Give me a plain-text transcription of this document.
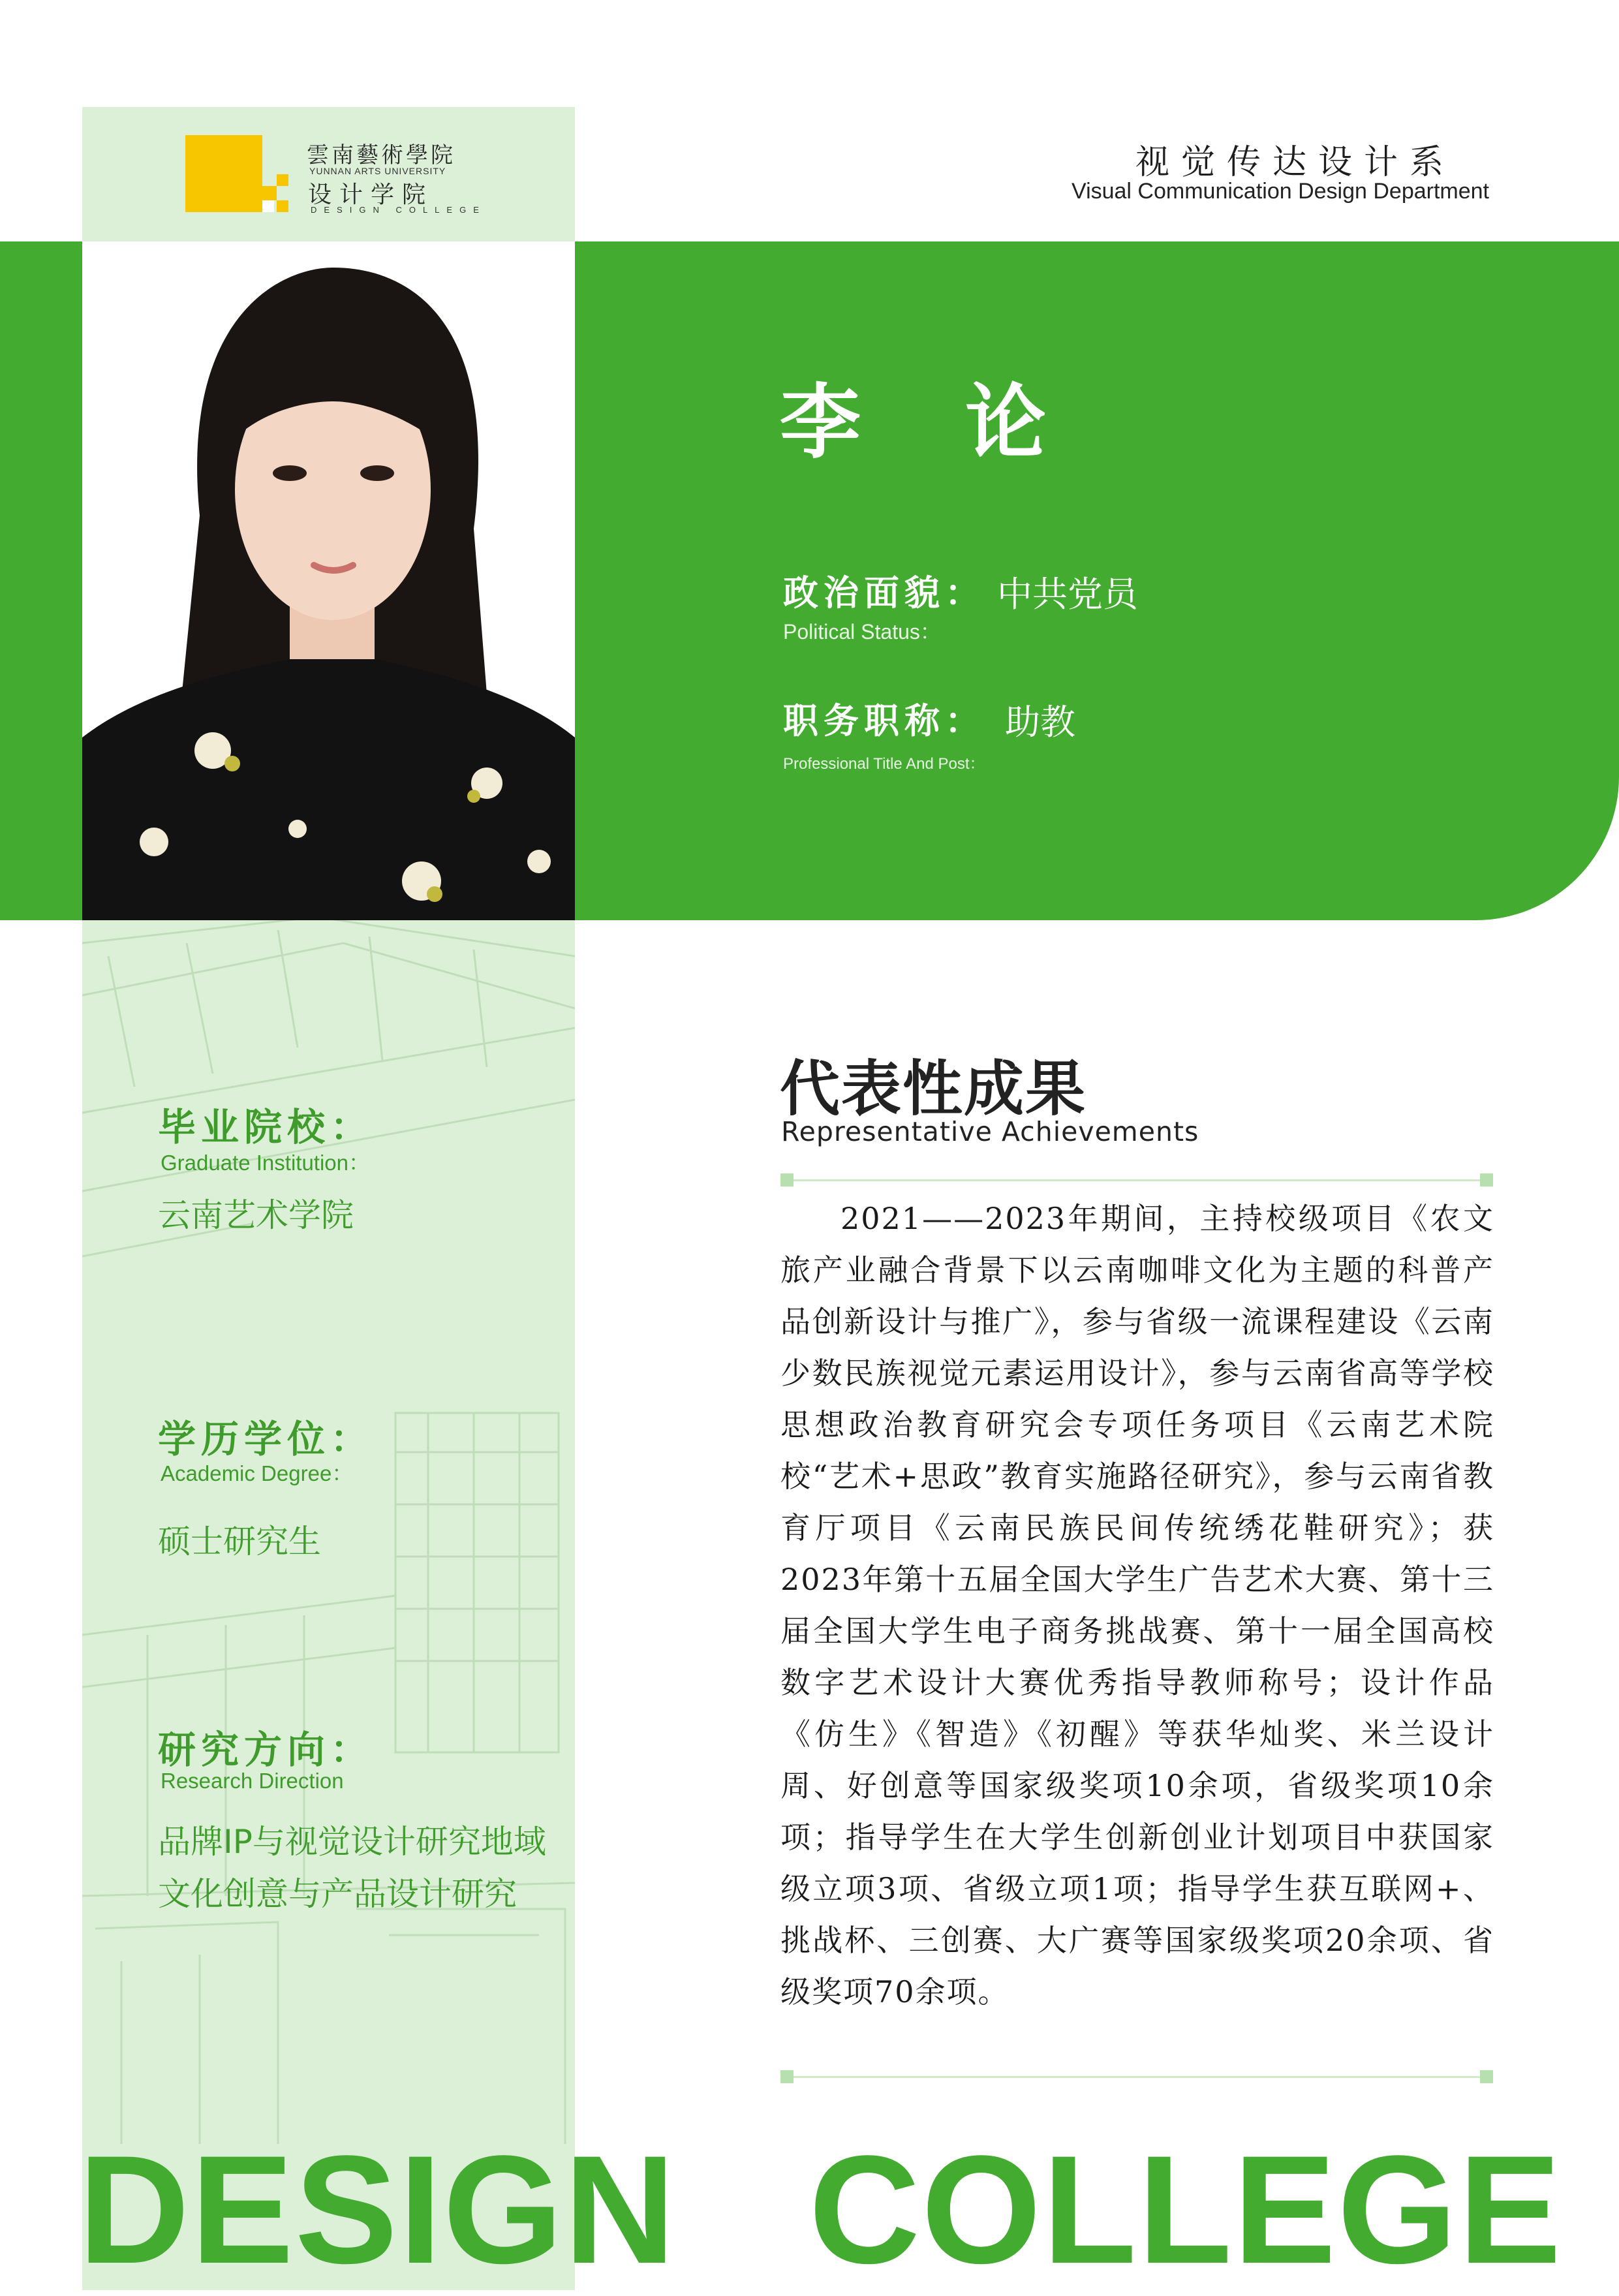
雲南藝術學院
YUNNAN ARTS UNIVERSITY
设计学院
DESIGN COLLEGE
视觉传达设计系
Visual Communication Design Department
李论
政治面貌： 中共党员
Political Status：
职务职称： 助教
Professional Title And Post：
毕业院校：
Graduate Institution：
云南艺术学院
学历学位：
Academic Degree：
硕士研究生
研究方向：
Research Direction
品牌IP与视觉设计研究地域文化创意与产品设计研究
代表性成果
Representative Achievements
2021——2023年期间，主持校级项目《农文旅产业融合背景下以云南咖啡文化为主题的科普产品创新设计与推广》，参与省级一流课程建设《云南少数民族视觉元素运用设计》，参与云南省高等学校思想政治教育研究会专项任务项目《云南艺术院校“艺术+思政”教育实施路径研究》，参与云南省教育厅项目《云南民族民间传统绣花鞋研究》；获2023年第十五届全国大学生广告艺术大赛、第十三届全国大学生电子商务挑战赛、第十一届全国高校数字艺术设计大赛优秀指导教师称号；设计作品《仿生》《智造》《初醒》等获华灿奖、米兰设计周、好创意等国家级奖项10余项，省级奖项10余项；指导学生在大学生创新创业计划项目中获国家级立项3项、省级立项1项；指导学生获互联网+、挑战杯、三创赛、大广赛等国家级奖项20余项、省级奖项70余项。
DESIGN COLLEGE
